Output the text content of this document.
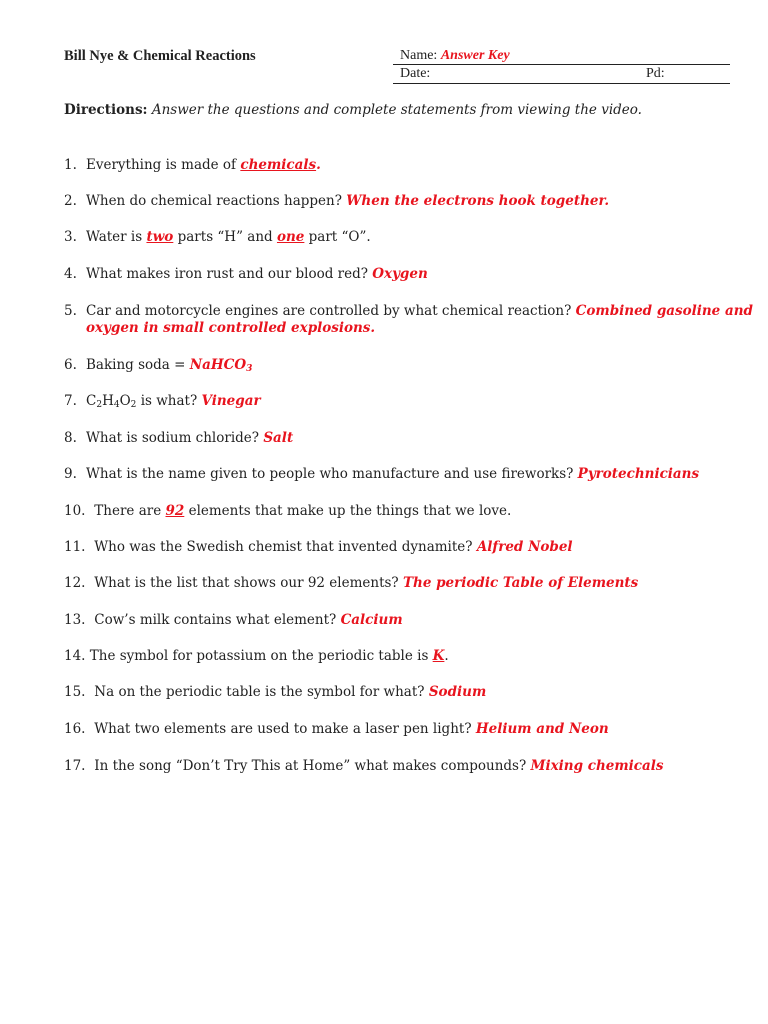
Bill Nye & Chemical Reactions	Name: Answer Key
Date:	Pd:
Directions: Answer the questions and complete statements from viewing the video.
1. Everything is made of chemicals.
2. When do chemical reactions happen? When the electrons hook together.
3. Water is two parts “H” and one part “O”.
4. What makes iron rust and our blood red? Oxygen
5. Car and motorcycle engines are controlled by what chemical reaction? Combined gasoline and
oxygen in small controlled explosions.
6. Baking soda = NaHCO$_3$
7. $C_2H_4O_2$ is what? Vinegar
8. What is sodium chloride? Salt
9. What is the name given to people who manufacture and use fireworks? Pyrotechnicians
10. There are 92 elements that make up the things that we love.
11. Who was the Swedish chemist that invented dynamite? Alfred Nobel
12. What is the list that shows our 92 elements? The periodic Table of Elements
13. Cow’s milk contains what element? Calcium
14. The symbol for potassium on the periodic table is K.
15. Na on the periodic table is the symbol for what? Sodium
16. What two elements are used to make a laser pen light? Helium and Neon
17. In the song “Don’t Try This at Home” what makes compounds? Mixing chemicals
